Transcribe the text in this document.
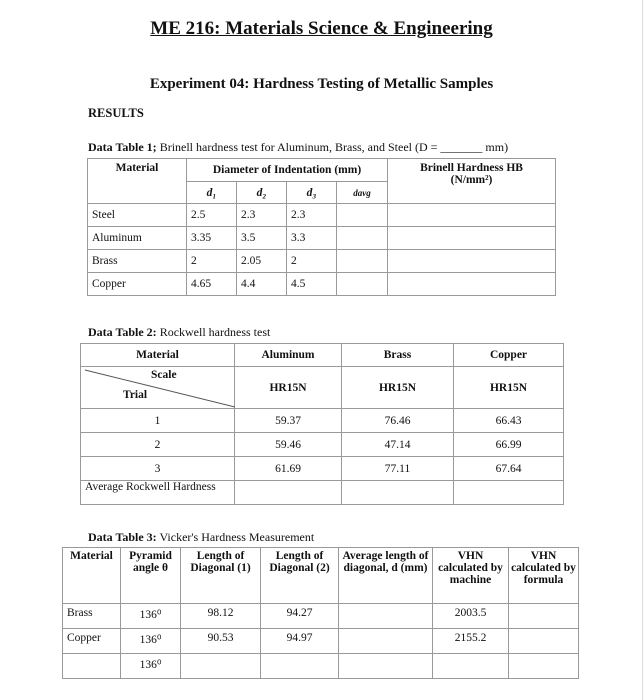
ME 216: Materials Science & Engineering
Experiment 04: Hardness Testing of Metallic Samples
RESULTS
Data Table 1; Brinell hardness test for Aluminum, Brass, and Steel (D = _______ mm)
Material	Diameter of Indentation (mm)				Brinell Hardness HB
(N/mm²)
	d₁	d₂	d₃	davg	
Steel	2.5	2.3	2.3		
Aluminum	3.35	3.5	3.3		
Brass	2	2.05	2		
Copper	4.65	4.4	4.5		
Data Table 2: Rockwell hardness test
Material	Aluminum	Brass	Copper

Scale
Trial	HR15N	HR15N	HR15N
1	59.37	76.46	66.43
2	59.46	47.14	66.99
3	61.69	77.11	67.64
Average Rockwell Hardness			
Data Table 3: Vicker's Hardness Measurement
Material	Pyramid angle θ	Length of Diagonal (1)	Length of Diagonal (2)	Average length of diagonal, d (mm)	VHN calculated by machine	VHN calculated by formula
Brass	136⁰	98.12	94.27		2003.5	
Copper	136⁰	90.53	94.97		2155.2	
	136⁰					
